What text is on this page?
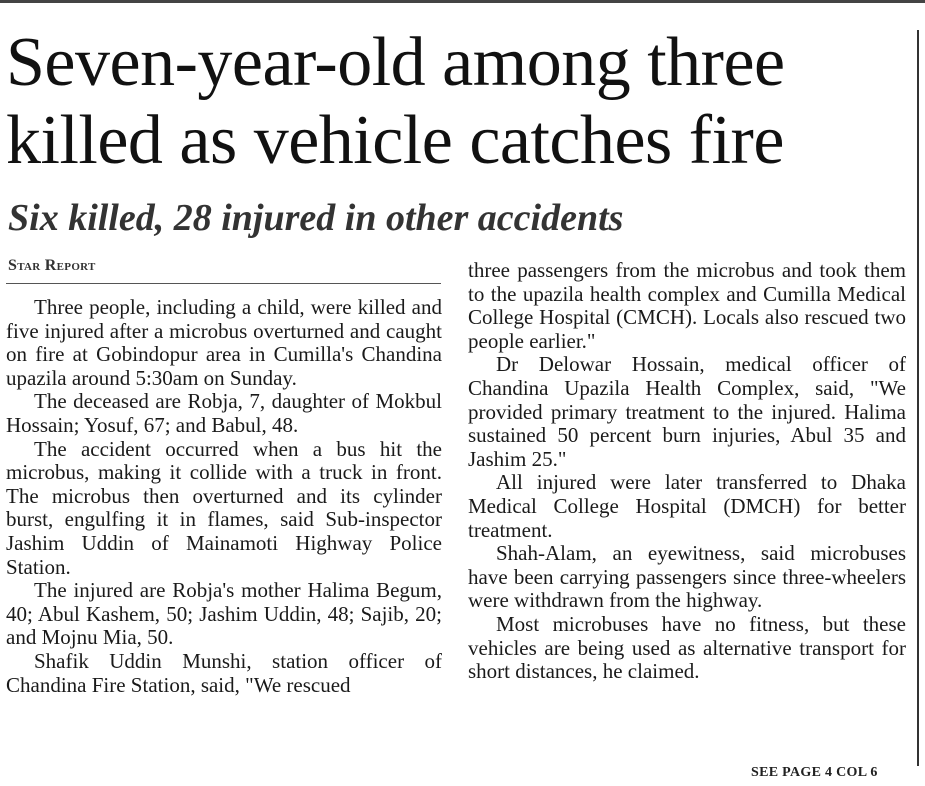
Seven-year-old among three killed as vehicle catches fire
Six killed, 28 injured in other accidents
Star Report

Three people, including a child, were killed and five injured after a microbus overturned and caught on fire at Gobindopur area in Cumilla's Chandina upazila around 5:30am on Sunday.

The deceased are Robja, 7, daughter of Mokbul Hossain; Yosuf, 67; and Babul, 48.

The accident occurred when a bus hit the microbus, making it collide with a truck in front. The microbus then overturned and its cylinder burst, engulfing it in flames, said Sub-inspector Jashim Uddin of Mainamoti Highway Police Station.

The injured are Robja's mother Halima Begum, 40; Abul Kashem, 50; Jashim Uddin, 48; Sajib, 20; and Mojnu Mia, 50.

Shafik Uddin Munshi, station officer of Chandina Fire Station, said, "We rescued

three passengers from the microbus and took them to the upazila health complex and Cumilla Medical College Hospital (CMCH). Locals also rescued two people earlier."

Dr Delowar Hossain, medical officer of Chandina Upazila Health Complex, said, "We provided primary treatment to the injured. Halima sustained 50 percent burn injuries, Abul 35 and Jashim 25."

All injured were later transferred to Dhaka Medical College Hospital (DMCH) for better treatment.

Shah-Alam, an eyewitness, said microbuses have been carrying passengers since three-wheelers were withdrawn from the highway.

Most microbuses have no fitness, but these vehicles are being used as alternative transport for short distances, he claimed.

SEE PAGE 4 COL 6
